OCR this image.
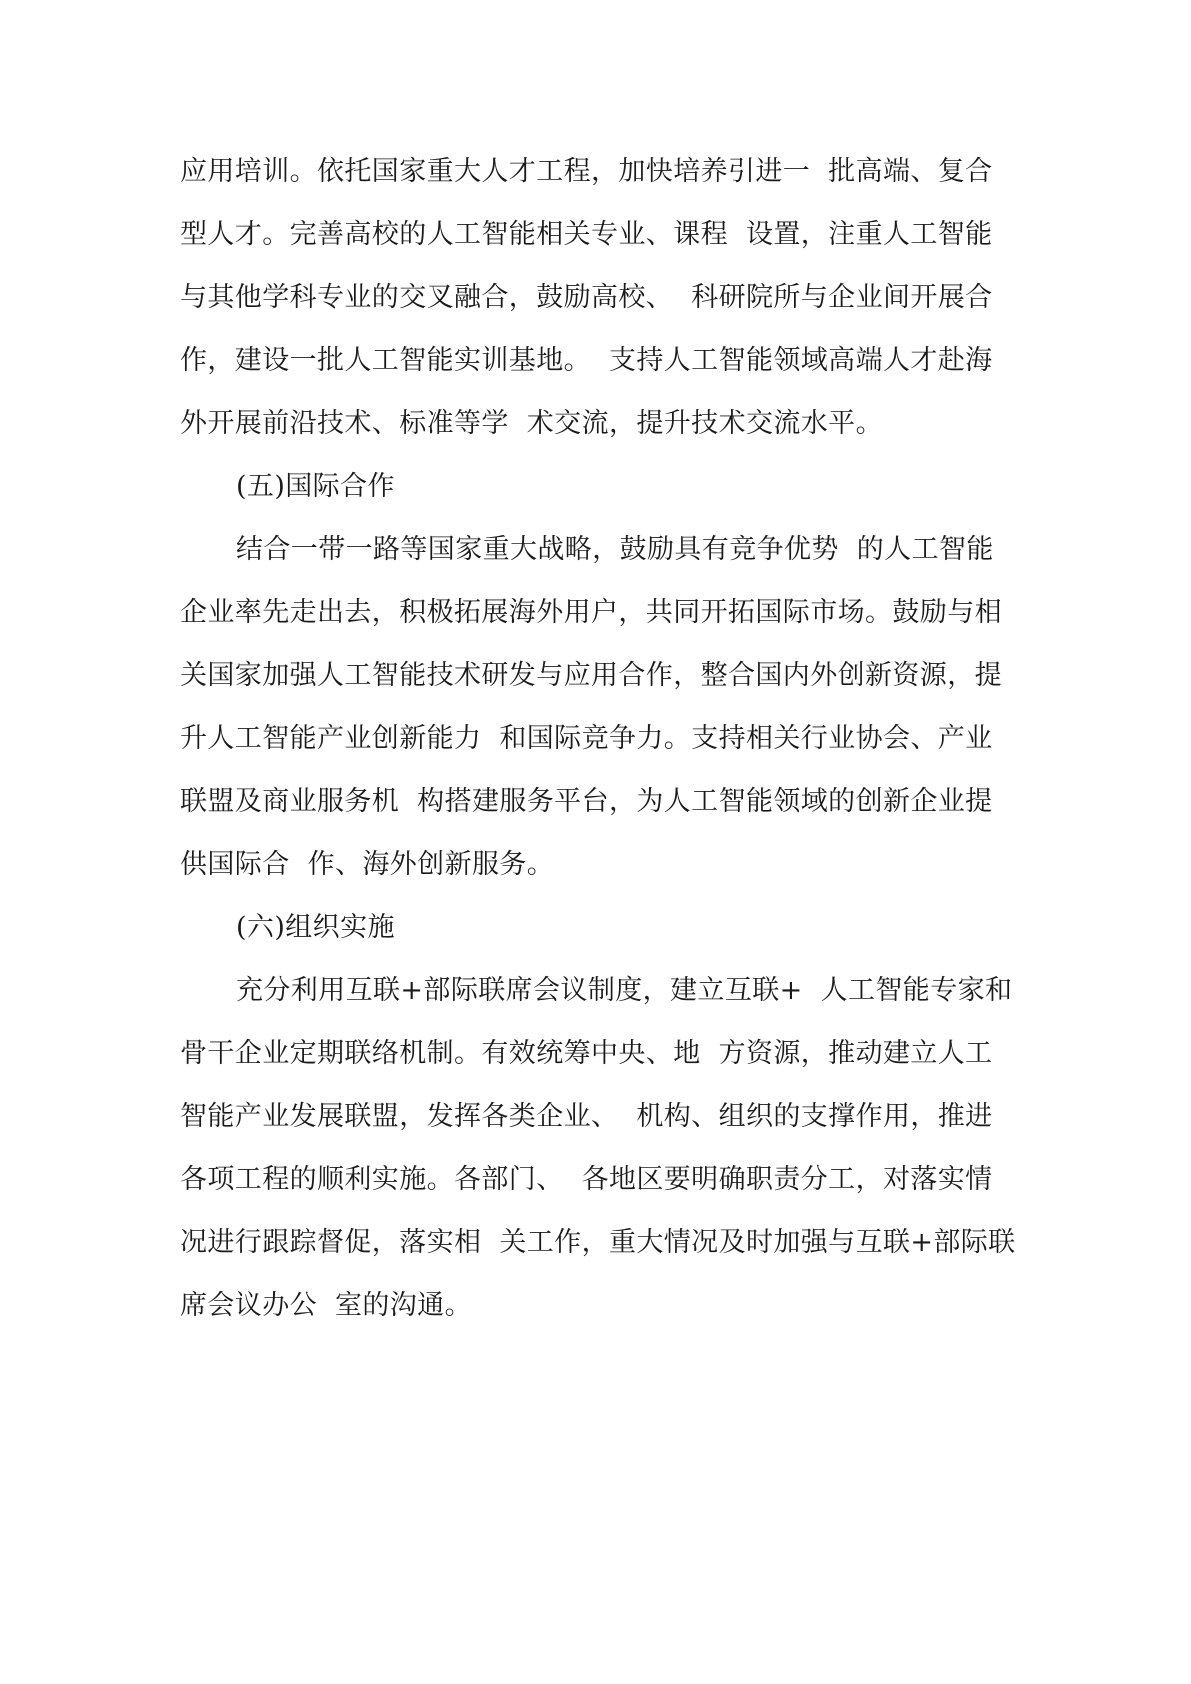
应用培训。依托国家重大人才工程，加快培养引进一  批高端、复合
型人才。完善高校的人工智能相关专业、课程  设置，注重人工智能
与其他学科专业的交叉融合，鼓励高校、  科研院所与企业间开展合
作，建设一批人工智能实训基地。  支持人工智能领域高端人才赴海
外开展前沿技术、标准等学  术交流，提升技术交流水平。
(五)国际合作
结合一带一路等国家重大战略，鼓励具有竞争优势  的人工智能
企业率先走出去，积极拓展海外用户，共同开拓国际市场。鼓励与相
关国家加强人工智能技术研发与应用合作，整合国内外创新资源，提
升人工智能产业创新能力  和国际竞争力。支持相关行业协会、产业
联盟及商业服务机  构搭建服务平台，为人工智能领域的创新企业提
供国际合  作、海外创新服务。
(六)组织实施
充分利用互联+部际联席会议制度，建立互联+  人工智能专家和
骨干企业定期联络机制。有效统筹中央、地  方资源，推动建立人工
智能产业发展联盟，发挥各类企业、  机构、组织的支撑作用，推进
各项工程的顺利实施。各部门、  各地区要明确职责分工，对落实情
况进行跟踪督促，落实相  关工作，重大情况及时加强与互联+部际联
席会议办公  室的沟通。
